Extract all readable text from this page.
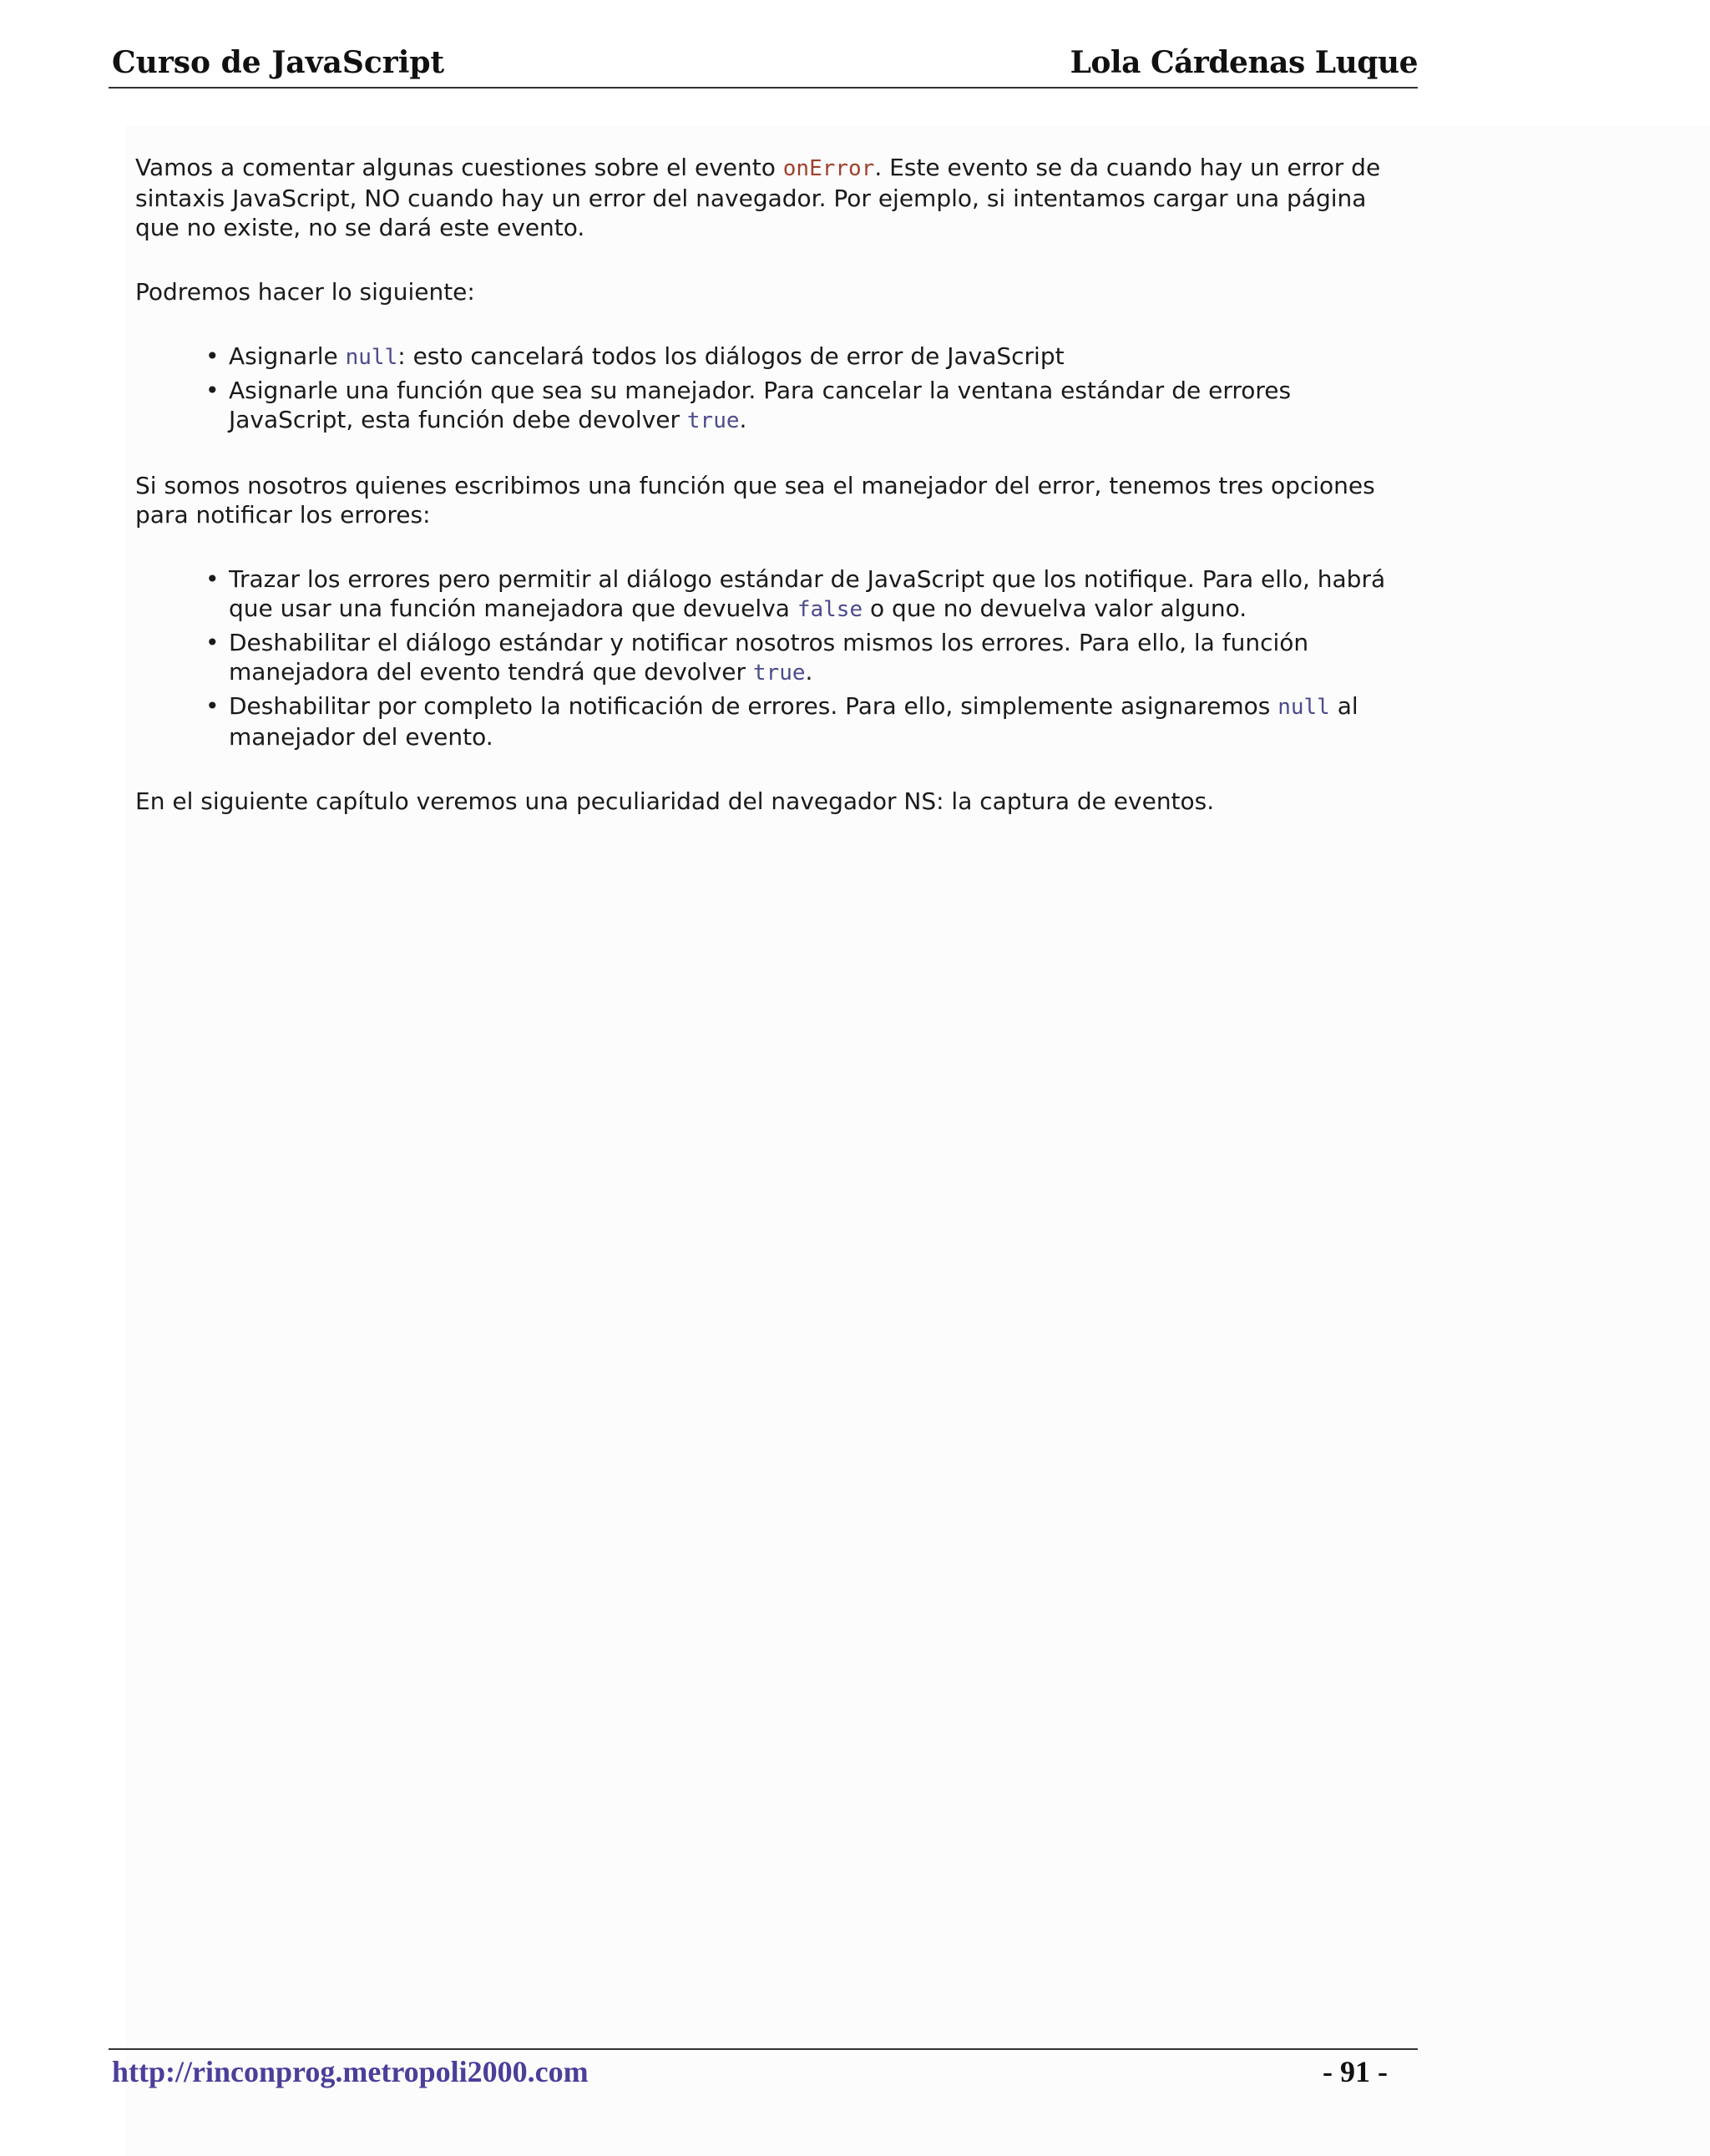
Curso de JavaScript	Lola Cárdenas Luque

Vamos a comentar algunas cuestiones sobre el evento onError. Este evento se da cuando hay un error de sintaxis JavaScript, NO cuando hay un error del navegador. Por ejemplo, si intentamos cargar una página que no existe, no se dará este evento.

Podremos hacer lo siguiente:

• Asignarle null: esto cancelará todos los diálogos de error de JavaScript
• Asignarle una función que sea su manejador. Para cancelar la ventana estándar de errores JavaScript, esta función debe devolver true.

Si somos nosotros quienes escribimos una función que sea el manejador del error, tenemos tres opciones para notificar los errores:

• Trazar los errores pero permitir al diálogo estándar de JavaScript que los notifique. Para ello, habrá que usar una función manejadora que devuelva false o que no devuelva valor alguno.
• Deshabilitar el diálogo estándar y notificar nosotros mismos los errores. Para ello, la función manejadora del evento tendrá que devolver true.
• Deshabilitar por completo la notificación de errores. Para ello, simplemente asignaremos null al manejador del evento.

En el siguiente capítulo veremos una peculiaridad del navegador NS: la captura de eventos.

http://rinconprog.metropoli2000.com	- 91 -
